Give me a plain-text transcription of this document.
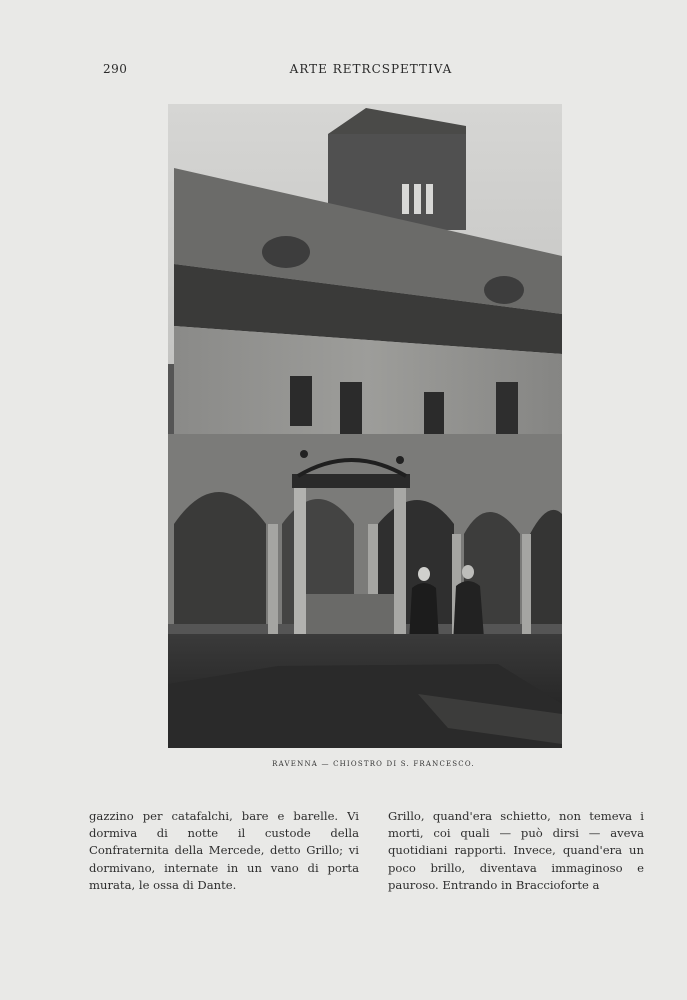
290	ARTE RETRCSPETTIVA
RAVENNA — CHIOSTRO DI S. FRANCESCO.

gazzino per catafalchi, bare e barelle. Vi dormiva di notte il custode della Confraternita della Mercede, detto Grillo; vi dormivano, internate in un vano di porta murata, le ossa di Dante.

Grillo, quand'era schietto, non temeva i morti, coi quali — può dirsi — aveva quotidiani rapporti. Invece, quand'era un poco brillo, diventava immaginoso e pauroso. Entrando in Braccioforte a
